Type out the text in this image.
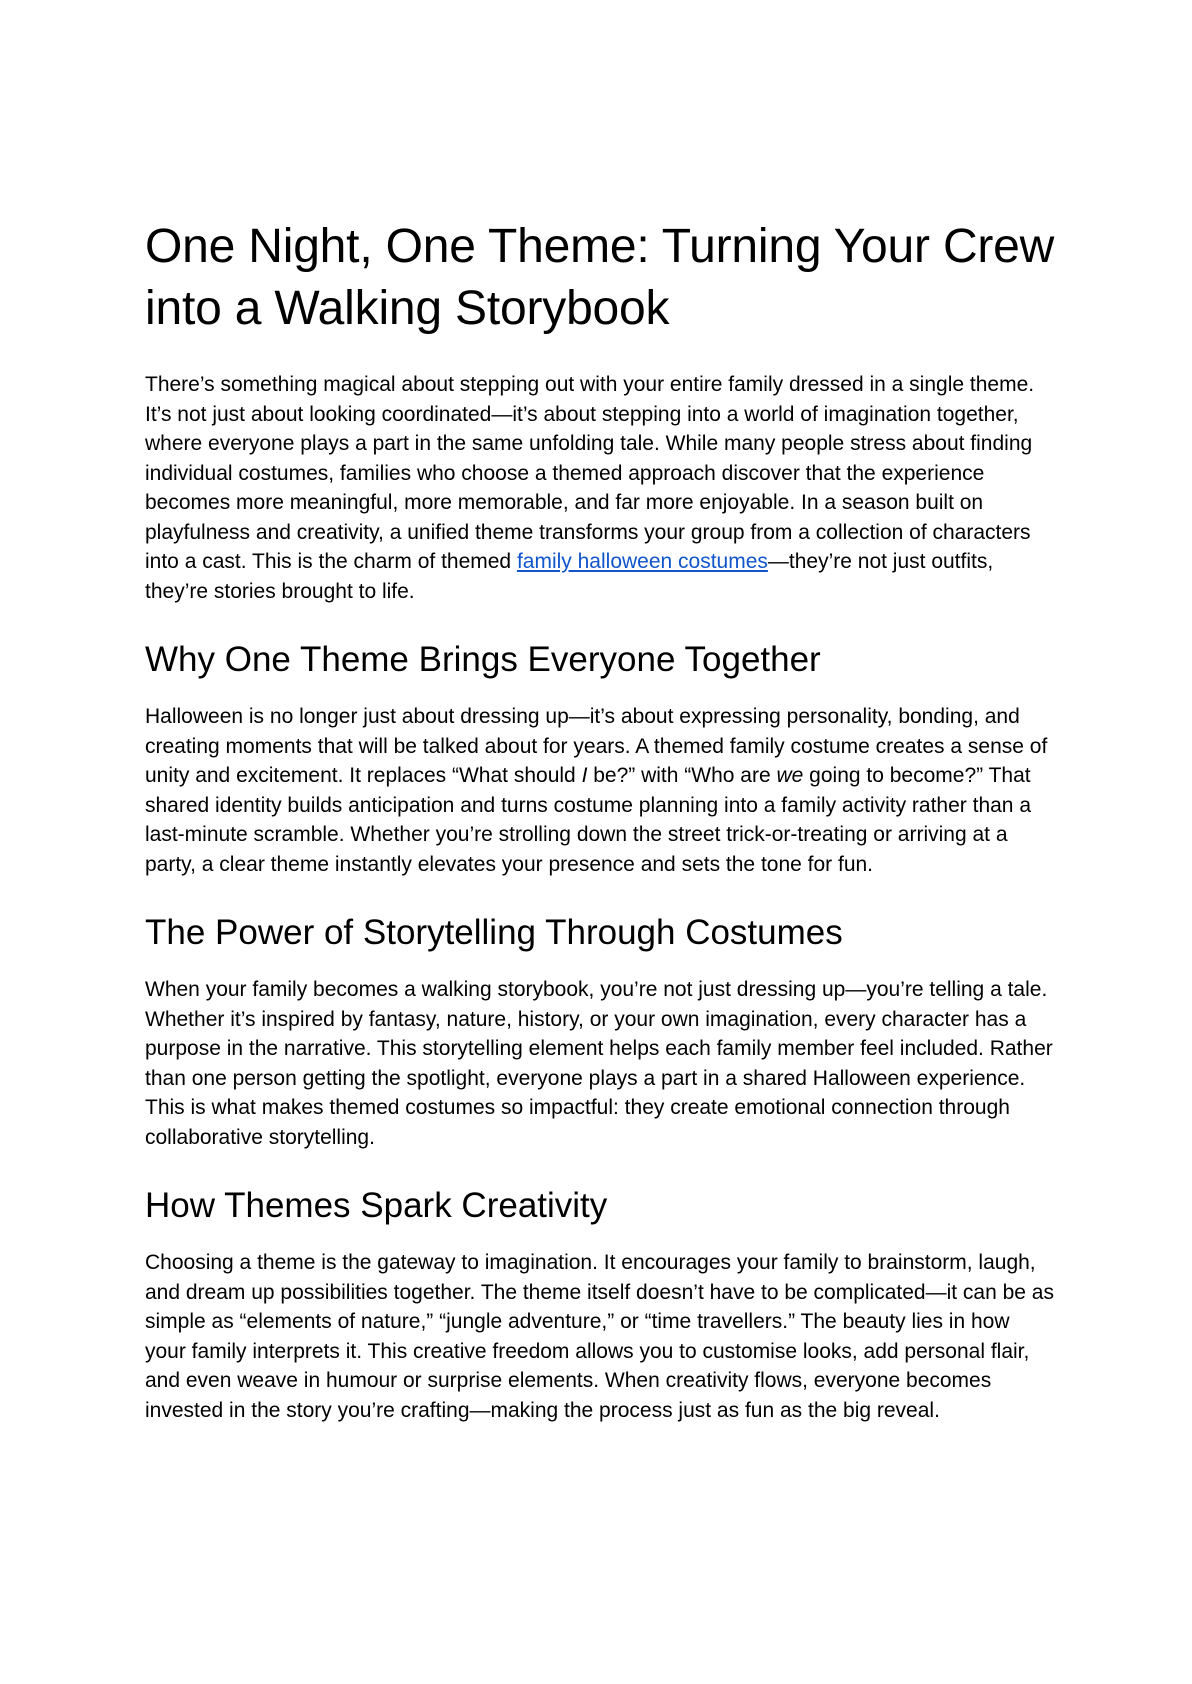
One Night, One Theme: Turning Your Crew into a Walking Storybook

There’s something magical about stepping out with your entire family dressed in a single theme. It’s not just about looking coordinated—it’s about stepping into a world of imagination together, where everyone plays a part in the same unfolding tale. While many people stress about finding individual costumes, families who choose a themed approach discover that the experience becomes more meaningful, more memorable, and far more enjoyable. In a season built on playfulness and creativity, a unified theme transforms your group from a collection of characters into a cast. This is the charm of themed family halloween costumes—they’re not just outfits, they’re stories brought to life.

Why One Theme Brings Everyone Together

Halloween is no longer just about dressing up—it’s about expressing personality, bonding, and creating moments that will be talked about for years. A themed family costume creates a sense of unity and excitement. It replaces “What should I be?” with “Who are we going to become?” That shared identity builds anticipation and turns costume planning into a family activity rather than a last-minute scramble. Whether you’re strolling down the street trick-or-treating or arriving at a party, a clear theme instantly elevates your presence and sets the tone for fun.

The Power of Storytelling Through Costumes

When your family becomes a walking storybook, you’re not just dressing up—you’re telling a tale. Whether it’s inspired by fantasy, nature, history, or your own imagination, every character has a purpose in the narrative. This storytelling element helps each family member feel included. Rather than one person getting the spotlight, everyone plays a part in a shared Halloween experience. This is what makes themed costumes so impactful: they create emotional connection through collaborative storytelling.

How Themes Spark Creativity

Choosing a theme is the gateway to imagination. It encourages your family to brainstorm, laugh, and dream up possibilities together. The theme itself doesn’t have to be complicated—it can be as simple as “elements of nature,” “jungle adventure,” or “time travellers.” The beauty lies in how your family interprets it. This creative freedom allows you to customise looks, add personal flair, and even weave in humour or surprise elements. When creativity flows, everyone becomes invested in the story you’re crafting—making the process just as fun as the big reveal.
